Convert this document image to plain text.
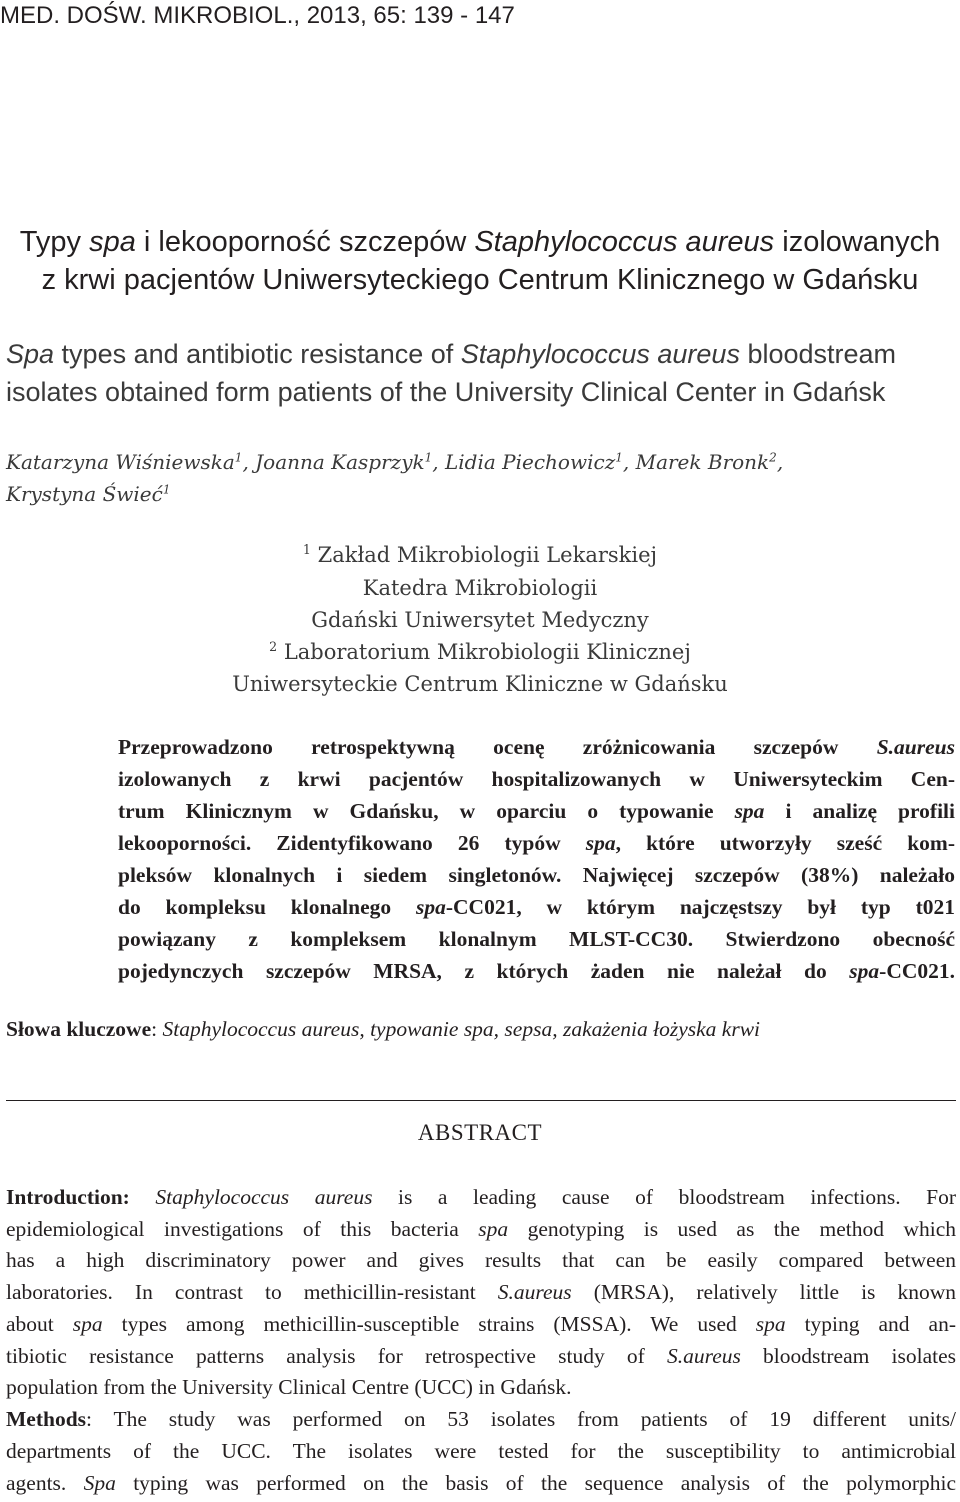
MED. DOŚW. MIKROBIOL., 2013, 65: 139 - 147
Typy spa i lekooporność szczepów Staphylococcus aureus izolowanych
z krwi pacjentów Uniwersyteckiego Centrum Klinicznego w Gdańsku
Spa types and antibiotic resistance of Staphylococcus aureus bloodstream
isolates obtained form patients of the University Clinical Center in Gdańsk
Katarzyna Wiśniewska$^1$, Joanna Kasprzyk$^1$, Lidia Piechowicz$^1$, Marek Bronk$^2$,
Krystyna Świeć$^1$
$^1$ Zakład Mikrobiologii Lekarskiej
Katedra Mikrobiologii
Gdański Uniwersytet Medyczny
$^2$ Laboratorium Mikrobiologii Klinicznej
Uniwersyteckie Centrum Kliniczne w Gdańsku
Przeprowadzono retrospektywną ocenę zróżnicowania szczepów S.aureus
izolowanych z krwi pacjentów hospitalizowanych w Uniwersyteckim Cen-
trum Klinicznym w Gdańsku, w oparciu o typowanie spa i analizę profili
lekooporności. Zidentyfikowano 26 typów spa, które utworzyły sześć kom-
pleksów klonalnych i siedem singletonów. Najwięcej szczepów (38%) należało
do kompleksu klonalnego spa-CC021, w którym najczęstszy był typ t021
powiązany z kompleksem klonalnym MLST-CC30. Stwierdzono obecność
pojedynczych szczepów MRSA, z których żaden nie należał do spa-CC021.
Słowa kluczowe: Staphylococcus aureus, typowanie spa, sepsa, zakażenia łożyska krwi
ABSTRACT
Introduction: Staphylococcus aureus is a leading cause of bloodstream infections. For
epidemiological investigations of this bacteria spa genotyping is used as the method which
has a high discriminatory power and gives results that can be easily compared between
laboratories. In contrast to methicillin-resistant S.aureus (MRSA), relatively little is known
about spa types among methicillin-susceptible strains (MSSA). We used spa typing and an-
tibiotic resistance patterns analysis for retrospective study of S.aureus bloodstream isolates
population from the University Clinical Centre (UCC) in Gdańsk.
Methods: The study was performed on 53 isolates from patients of 19 different units/
departments of the UCC. The isolates were tested for the susceptibility to antimicrobial
agents. Spa typing was performed on the basis of the sequence analysis of the polymorphic
